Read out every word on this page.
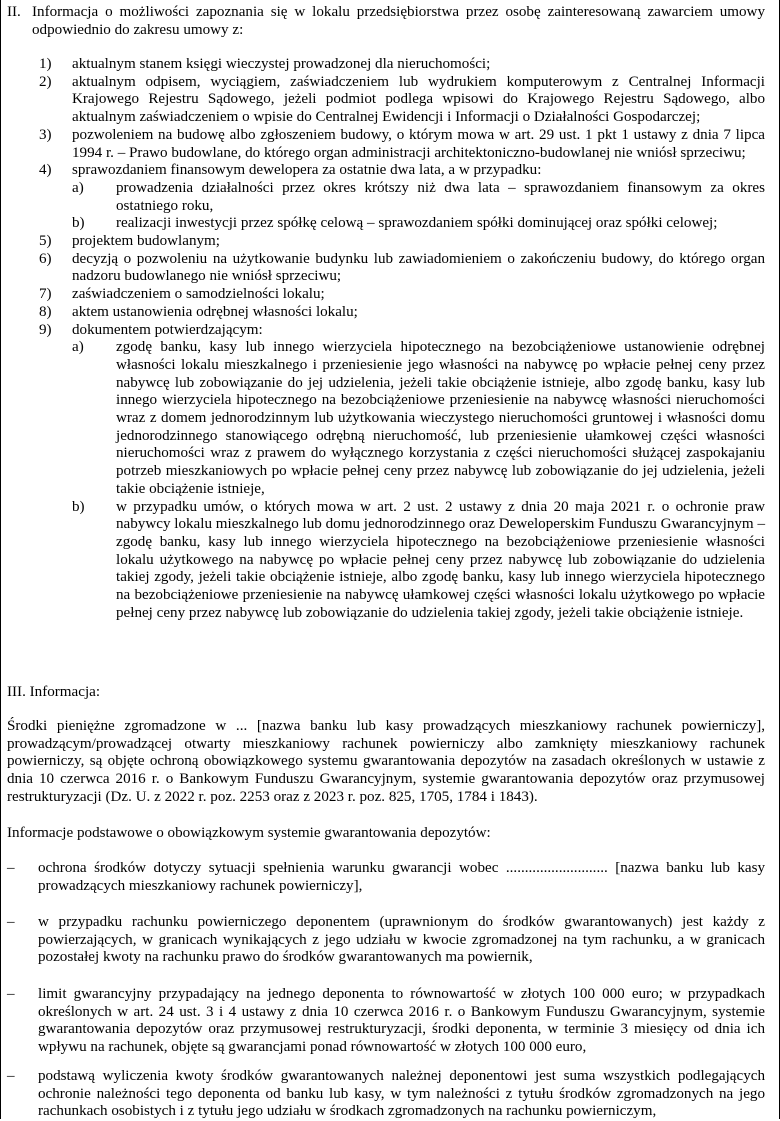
II. Informacja o możliwości zapoznania się w lokalu przedsiębiorstwa przez osobę zainteresowaną zawarciem umowy odpowiednio do zakresu umowy z:
1) aktualnym stanem księgi wieczystej prowadzonej dla nieruchomości;
2) aktualnym odpisem, wyciągiem, zaświadczeniem lub wydrukiem komputerowym z Centralnej Informacji Krajowego Rejestru Sądowego, jeżeli podmiot podlega wpisowi do Krajowego Rejestru Sądowego, albo aktualnym zaświadczeniem o wpisie do Centralnej Ewidencji i Informacji o Działalności Gospodarczej;
3) pozwoleniem na budowę albo zgłoszeniem budowy, o którym mowa w art. 29 ust. 1 pkt 1 ustawy z dnia 7 lipca 1994 r. – Prawo budowlane, do którego organ administracji architektoniczno-budowlanej nie wniósł sprzeciwu;
4) sprawozdaniem finansowym dewelopera za ostatnie dwa lata, a w przypadku:
a) prowadzenia działalności przez okres krótszy niż dwa lata – sprawozdaniem finansowym za okres ostatniego roku,
b) realizacji inwestycji przez spółkę celową – sprawozdaniem spółki dominującej oraz spółki celowej;
5) projektem budowlanym;
6) decyzją o pozwoleniu na użytkowanie budynku lub zawiadomieniem o zakończeniu budowy, do którego organ nadzoru budowlanego nie wniósł sprzeciwu;
7) zaświadczeniem o samodzielności lokalu;
8) aktem ustanowienia odrębnej własności lokalu;
9) dokumentem potwierdzającym:
a) zgodę banku, kasy lub innego wierzyciela hipotecznego na bezobciążeniowe ustanowienie odrębnej własności lokalu mieszkalnego i przeniesienie jego własności na nabywcę po wpłacie pełnej ceny przez nabywcę lub zobowiązanie do jej udzielenia, jeżeli takie obciążenie istnieje, albo zgodę banku, kasy lub innego wierzyciela hipotecznego na bezobciążeniowe przeniesienie na nabywcę własności nieruchomości wraz z domem jednorodzinnym lub użytkowania wieczystego nieruchomości gruntowej i własności domu jednorodzinnego stanowiącego odrębną nieruchomość, lub przeniesienie ułamkowej części własności nieruchomości wraz z prawem do wyłącznego korzystania z części nieruchomości służącej zaspokajaniu potrzeb mieszkaniowych po wpłacie pełnej ceny przez nabywcę lub zobowiązanie do jej udzielenia, jeżeli takie obciążenie istnieje,
b) w przypadku umów, o których mowa w art. 2 ust. 2 ustawy z dnia 20 maja 2021 r. o ochronie praw nabywcy lokalu mieszkalnego lub domu jednorodzinnego oraz Deweloperskim Funduszu Gwarancyjnym – zgodę banku, kasy lub innego wierzyciela hipotecznego na bezobciążeniowe przeniesienie własności lokalu użytkowego na nabywcę po wpłacie pełnej ceny przez nabywcę lub zobowiązanie do udzielenia takiej zgody, jeżeli takie obciążenie istnieje, albo zgodę banku, kasy lub innego wierzyciela hipotecznego na bezobciążeniowe przeniesienie na nabywcę ułamkowej części własności lokalu użytkowego po wpłacie pełnej ceny przez nabywcę lub zobowiązanie do udzielenia takiej zgody, jeżeli takie obciążenie istnieje.
III. Informacja:
Środki pieniężne zgromadzone w ... [nazwa banku lub kasy prowadzących mieszkaniowy rachunek powierniczy], prowadzącym/prowadzącej otwarty mieszkaniowy rachunek powierniczy albo zamknięty mieszkaniowy rachunek powierniczy, są objęte ochroną obowiązkowego systemu gwarantowania depozytów na zasadach określonych w ustawie z dnia 10 czerwca 2016 r. o Bankowym Funduszu Gwarancyjnym, systemie gwarantowania depozytów oraz przymusowej restrukturyzacji (Dz. U. z 2022 r. poz. 2253 oraz z 2023 r. poz. 825, 1705, 1784 i 1843).
Informacje podstawowe o obowiązkowym systemie gwarantowania depozytów:
– ochrona środków dotyczy sytuacji spełnienia warunku gwarancji wobec ........................... [nazwa banku lub kasy prowadzących mieszkaniowy rachunek powierniczy],
– w przypadku rachunku powierniczego deponentem (uprawnionym do środków gwarantowanych) jest każdy z powierzających, w granicach wynikających z jego udziału w kwocie zgromadzonej na tym rachunku, a w granicach pozostałej kwoty na rachunku prawo do środków gwarantowanych ma powiernik,
– limit gwarancyjny przypadający na jednego deponenta to równowartość w złotych 100 000 euro; w przypadkach określonych w art. 24 ust. 3 i 4 ustawy z dnia 10 czerwca 2016 r. o Bankowym Funduszu Gwarancyjnym, systemie gwarantowania depozytów oraz przymusowej restrukturyzacji, środki deponenta, w terminie 3 miesięcy od dnia ich wpływu na rachunek, objęte są gwarancjami ponad równowartość w złotych 100 000 euro,
– podstawą wyliczenia kwoty środków gwarantowanych należnej deponentowi jest suma wszystkich podlegających ochronie należności tego deponenta od banku lub kasy, w tym należności z tytułu środków zgromadzonych na jego rachunkach osobistych i z tytułu jego udziału w środkach zgromadzonych na rachunku powierniczym,
